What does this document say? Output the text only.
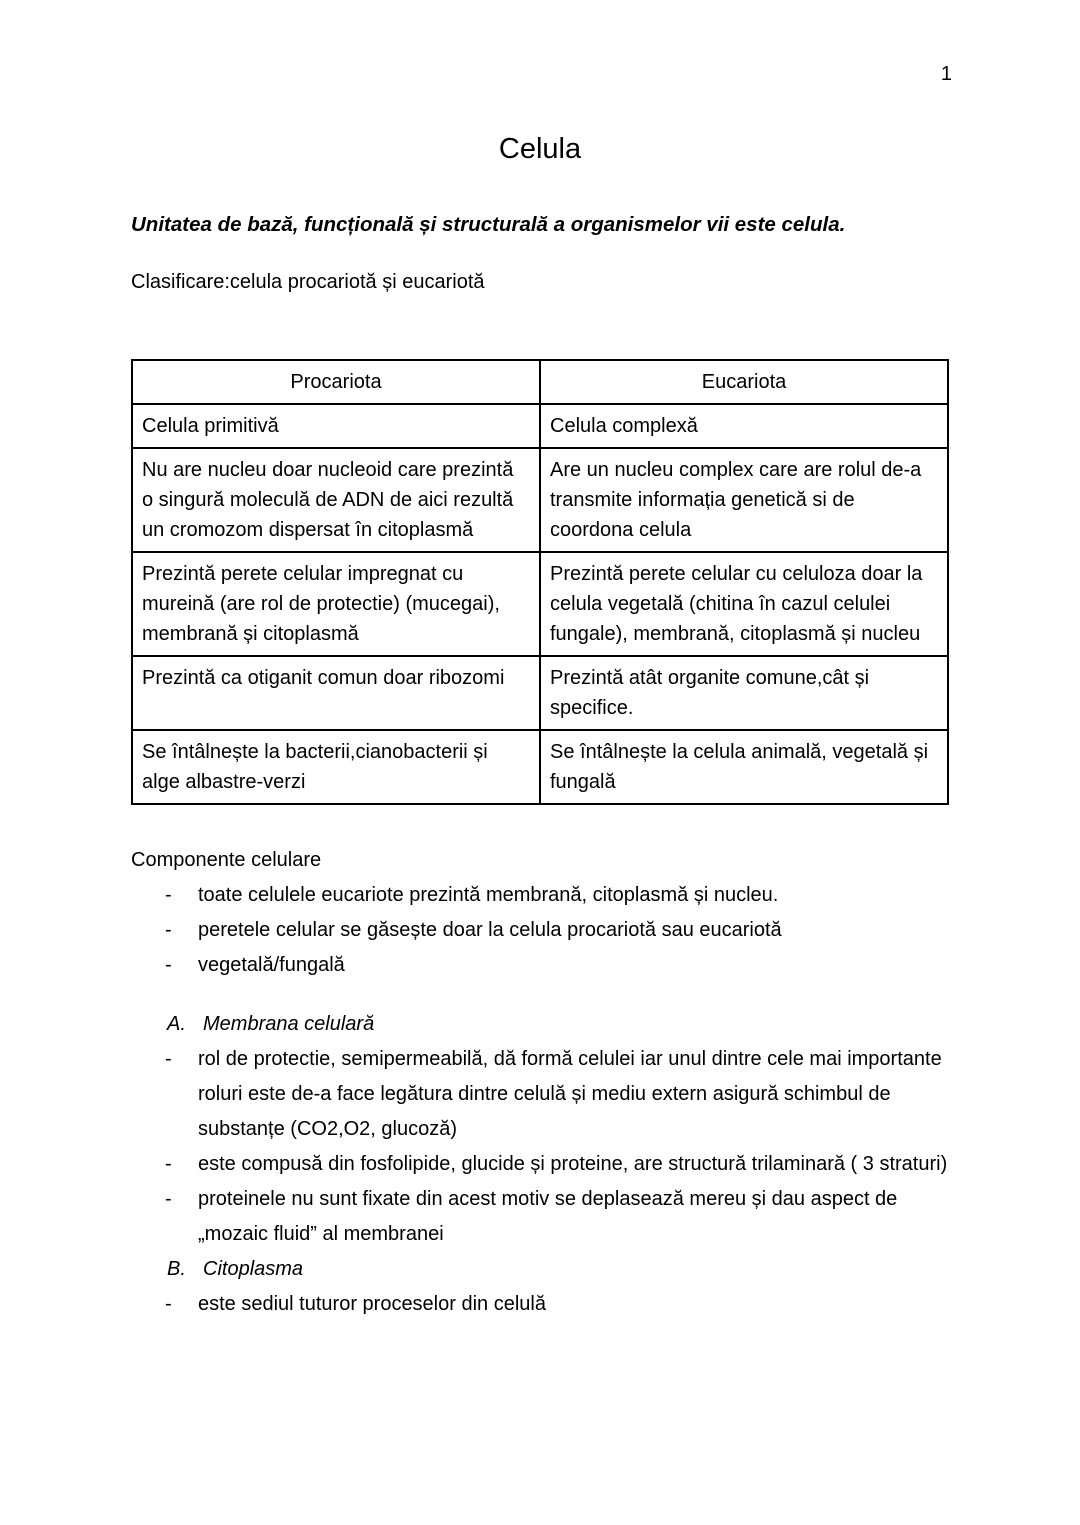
1
Celula

Unitatea de bază, funcțională și structurală a organismelor vii este celula.

Clasificare:celula procariotă și eucariotă

Procariota	Eucariota
Celula primitivă	Celula complexă
Nu are nucleu doar nucleoid care prezintă o singură moleculă de ADN de aici rezultă un cromozom dispersat în citoplasmă	Are un nucleu complex care are rolul de-a transmite informația genetică si de coordona celula
Prezintă perete celular impregnat cu mureină (are rol de protectie) (mucegai), membrană și citoplasmă	Prezintă perete celular cu celuloza doar la celula vegetală (chitina în cazul celulei fungale), membrană, citoplasmă și nucleu
Prezintă ca otiganit comun doar ribozomi	Prezintă atât organite comune,cât și specifice.
Se întâlnește la bacterii,cianobacterii și alge albastre-verzi	Se întâlnește la celula animală, vegetală și fungală

Componente celulare

-	toate celulele eucariote prezintă membrană, citoplasmă și nucleu.
-	peretele celular se găsește doar la celula procariotă sau eucariotă
-	vegetală/fungală
A. Membrana celulară
-	rol de protectie, semipermeabilă, dă formă celulei iar unul dintre cele mai importante roluri este de-a face legătura dintre celulă și mediu extern asigură schimbul de substanțe (CO2,O2, glucoză)
-	este compusă din fosfolipide, glucide și proteine, are structură trilaminară ( 3 straturi)
-	proteinele nu sunt fixate din acest motiv se deplasează mereu și dau aspect de „mozaic fluid” al membranei
B. Citoplasma
-	este sediul tuturor proceselor din celulă
